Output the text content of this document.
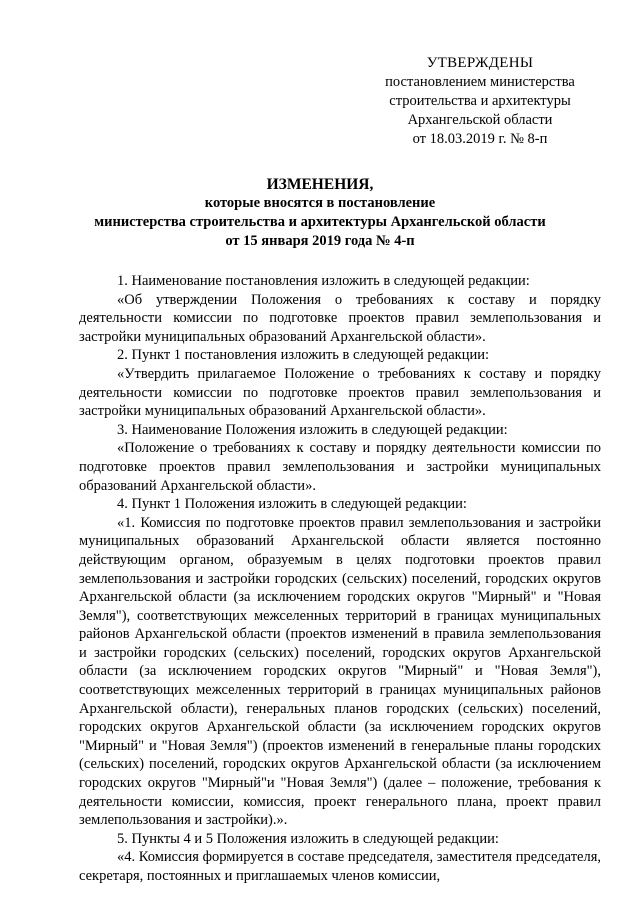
УТВЕРЖДЕНЫ
постановлением министерства
строительства и архитектуры
Архангельской области
от 18.03.2019 г. № 8-п
ИЗМЕНЕНИЯ,
которые вносятся в постановление
министерства строительства и архитектуры Архангельской области
от 15 января 2019 года № 4-п

1. Наименование постановления изложить в следующей редакции:

«Об утверждении Положения о требованиях к составу и порядку деятельности комиссии по подготовке проектов правил землепользования и застройки муниципальных образований Архангельской области».

2. Пункт 1 постановления изложить в следующей редакции:

«Утвердить прилагаемое Положение о требованиях к составу и порядку деятельности комиссии по подготовке проектов правил землепользования и застройки муниципальных образований Архангельской области».

3. Наименование Положения изложить в следующей редакции:

«Положение о требованиях к составу и порядку деятельности комиссии по подготовке проектов правил землепользования и застройки муниципальных образований Архангельской области».

4. Пункт 1 Положения изложить в следующей редакции:

«1. Комиссия по подготовке проектов правил землепользования и застройки муниципальных образований Архангельской области является постоянно действующим органом, образуемым в целях подготовки проектов правил землепользования и застройки городских (сельских) поселений, городских округов Архангельской области (за исключением городских округов "Мирный" и "Новая Земля"), соответствующих межселенных территорий в границах муниципальных районов Архангельской области (проектов изменений в правила землепользования и застройки городских (сельских) поселений, городских округов Архангельской области (за исключением городских округов "Мирный" и "Новая Земля"), соответствующих межселенных территорий в границах муниципальных районов Архангельской области), генеральных планов городских (сельских) поселений, городских округов Архангельской области (за исключением городских округов "Мирный" и "Новая Земля") (проектов изменений в генеральные планы городских (сельских) поселений, городских округов Архангельской области (за исключением городских округов "Мирный"и "Новая Земля") (далее – положение, требования к деятельности комиссии, комиссия, проект генерального плана, проект правил землепользования и застройки).».

5. Пункты 4 и 5 Положения изложить в следующей редакции:

«4. Комиссия формируется в составе председателя, заместителя председателя, секретаря, постоянных и приглашаемых членов комиссии,
